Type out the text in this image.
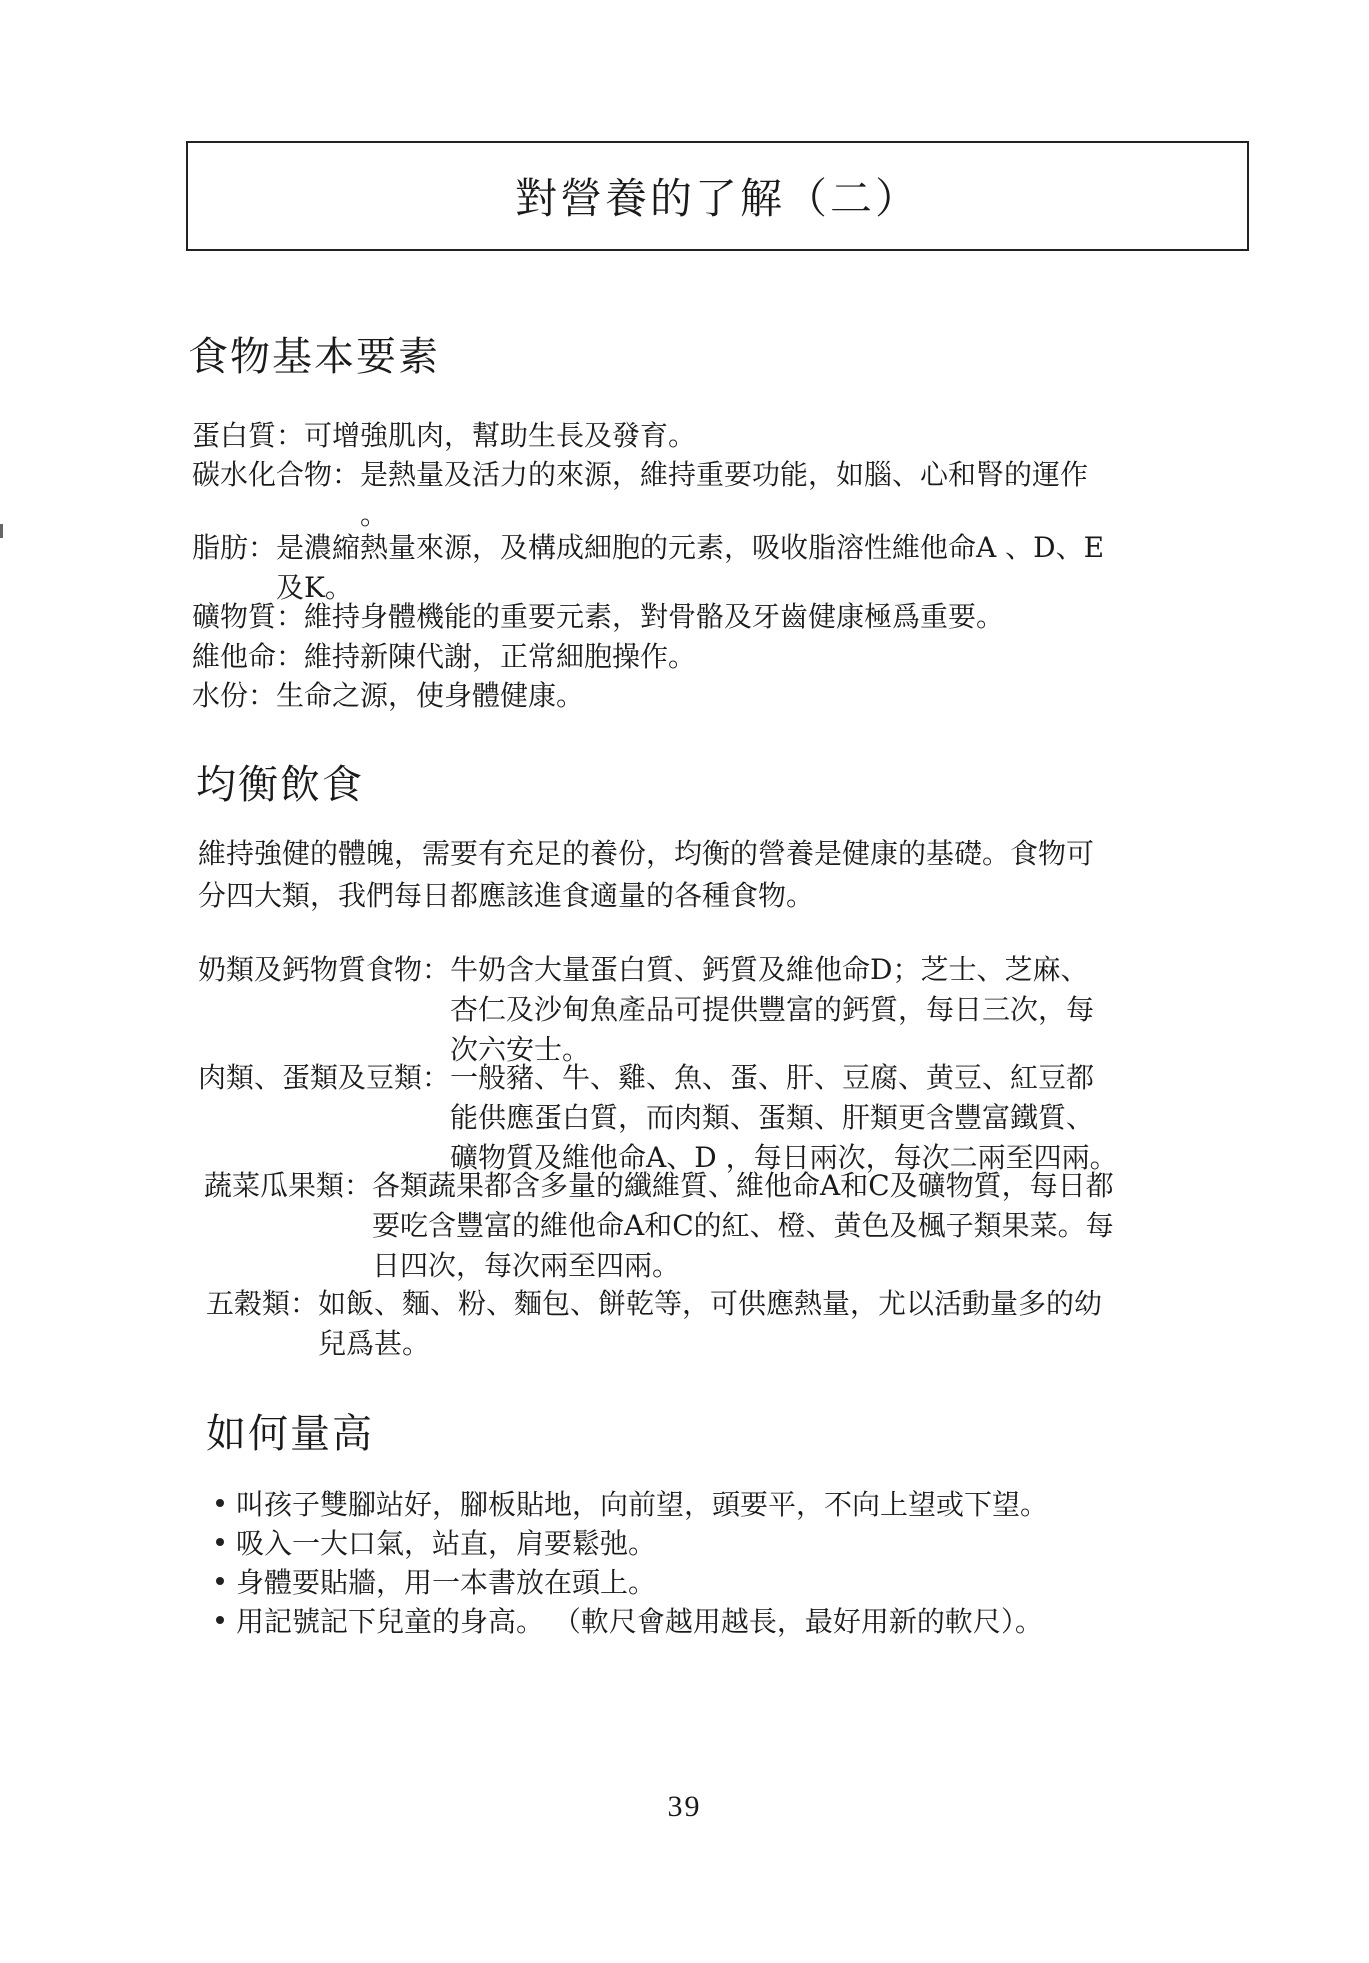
對營養的了解（二）
食物基本要素
蛋白質： 可增強肌肉，幫助生長及發育。
碳水化合物： 是熱量及活力的來源，維持重要功能，如腦、心和腎的運作
。
脂肪： 是濃縮熱量來源，及構成細胞的元素，吸收脂溶性維他命A 、D、E
及K。
礦物質： 維持身體機能的重要元素，對骨骼及牙齒健康極爲重要。
維他命： 維持新陳代謝，正常細胞操作。
水份： 生命之源，使身體健康。
均衡飲食
維持強健的體魄，需要有充足的養份，均衡的營養是健康的基礎。食物可
分四大類，我們每日都應該進食適量的各種食物。
奶類及鈣物質食物： 牛奶含大量蛋白質、鈣質及維他命D；芝士、芝麻、
杏仁及沙甸魚產品可提供豐富的鈣質，每日三次，每
次六安士。
肉類、蛋類及豆類： 一般豬、牛、雞、魚、蛋、肝、豆腐、黄豆、紅豆都
能供應蛋白質，而肉類、蛋類、肝類更含豐富鐵質、
礦物質及維他命A、D ，每日兩次，每次二兩至四兩。
蔬菜瓜果類： 各類蔬果都含多量的纖維質、維他命A和C及礦物質，每日都
要吃含豐富的維他命A和C的紅、橙、黄色及楓子類果菜。每
日四次，每次兩至四兩。
五穀類： 如飯、麵、粉、麵包、餅乾等，可供應熱量，尤以活動量多的幼
兒爲甚。
如何量高
叫孩子雙腳站好，腳板貼地，向前望，頭要平，不向上望或下望。
吸入一大口氣，站直，肩要鬆弛。
身體要貼牆，用一本書放在頭上。
用記號記下兒童的身高。 （軟尺會越用越長，最好用新的軟尺）。
39
